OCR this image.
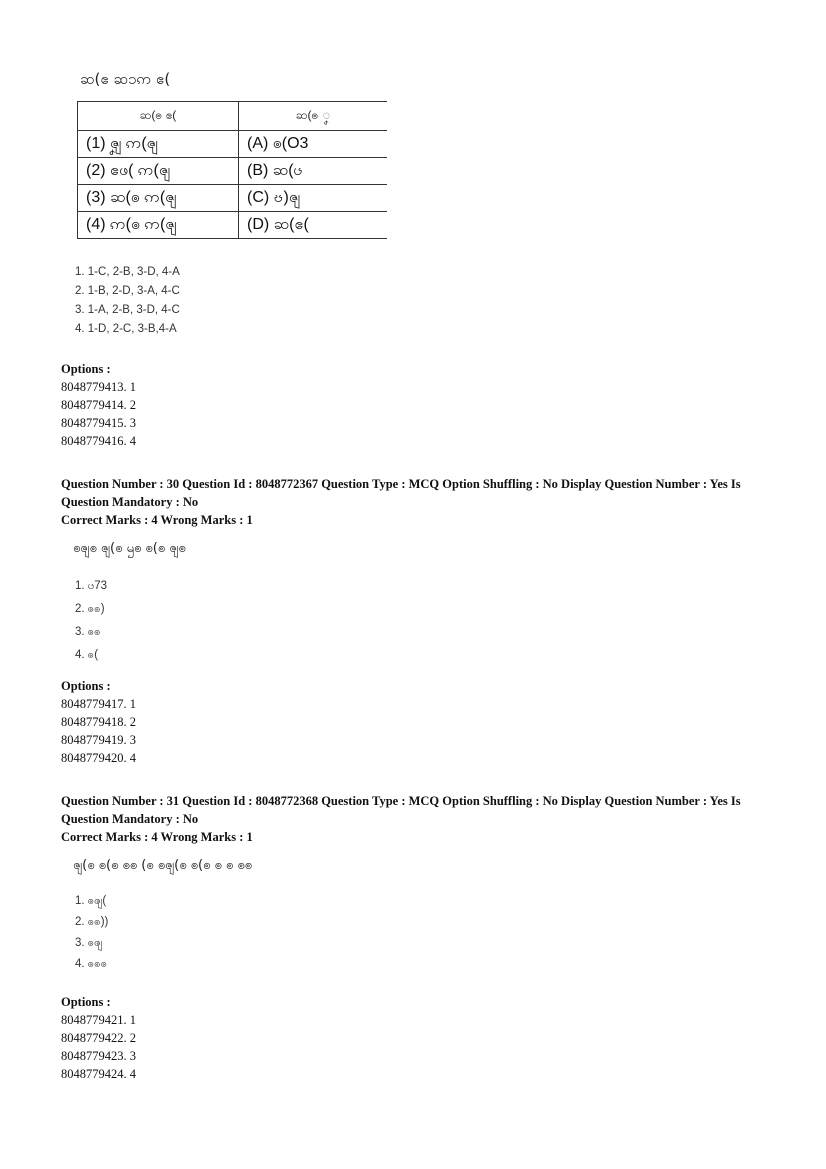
ဆ(ဧ ဆ၁ဢ ဧ(
ဆ(ၜ ဧ(	ဆ(ၜ ၞ
(1) ၛၞ ဢ(ၛ	(A) ၜ(O3
(2) ဧဖ( ဢ(ၛ	(B) ဆ(ၒ
(3) ဆ(ၜ ဢ(ၛ	(C) ၓ)ၛ
(4) ဢ(ၜ ဢ(ၛ	(D) ဆ(ဧ(
1. 1-C, 2-B, 3-D, 4-A
2. 1-B, 2-D, 3-A, 4-C
3. 1-A, 2-B, 3-D, 4-C
4. 1-D, 2-C, 3-B,4-A
Options :
8048779413. 1
8048779414. 2
8048779415. 3
8048779416. 4
Question Number : 30 Question Id : 8048772367 Question Type : MCQ Option Shuffling : No Display Question Number : Yes Is
Question Mandatory : No
Correct Marks : 4 Wrong Marks : 1
ၜၛၜ ၛ(ၜ ၝၜ ၜ(ၜ ၛၜ
1. ၒ73
2. ၜၜ)
3. ၜၜ
4. ၜ(
Options :
8048779417. 1
8048779418. 2
8048779419. 3
8048779420. 4
Question Number : 31 Question Id : 8048772368 Question Type : MCQ Option Shuffling : No Display Question Number : Yes Is
Question Mandatory : No
Correct Marks : 4 Wrong Marks : 1
ၛ(ၜ ၜ(ၜ ၜၜ (ၜ ၜၛ(ၜ ၜ(ၜ ၜ ၜ ၜၜ
1. ၜၛ(
2. ၜၜ))
3. ၜၛ
4. ၜၜၜ
Options :
8048779421. 1
8048779422. 2
8048779423. 3
8048779424. 4
